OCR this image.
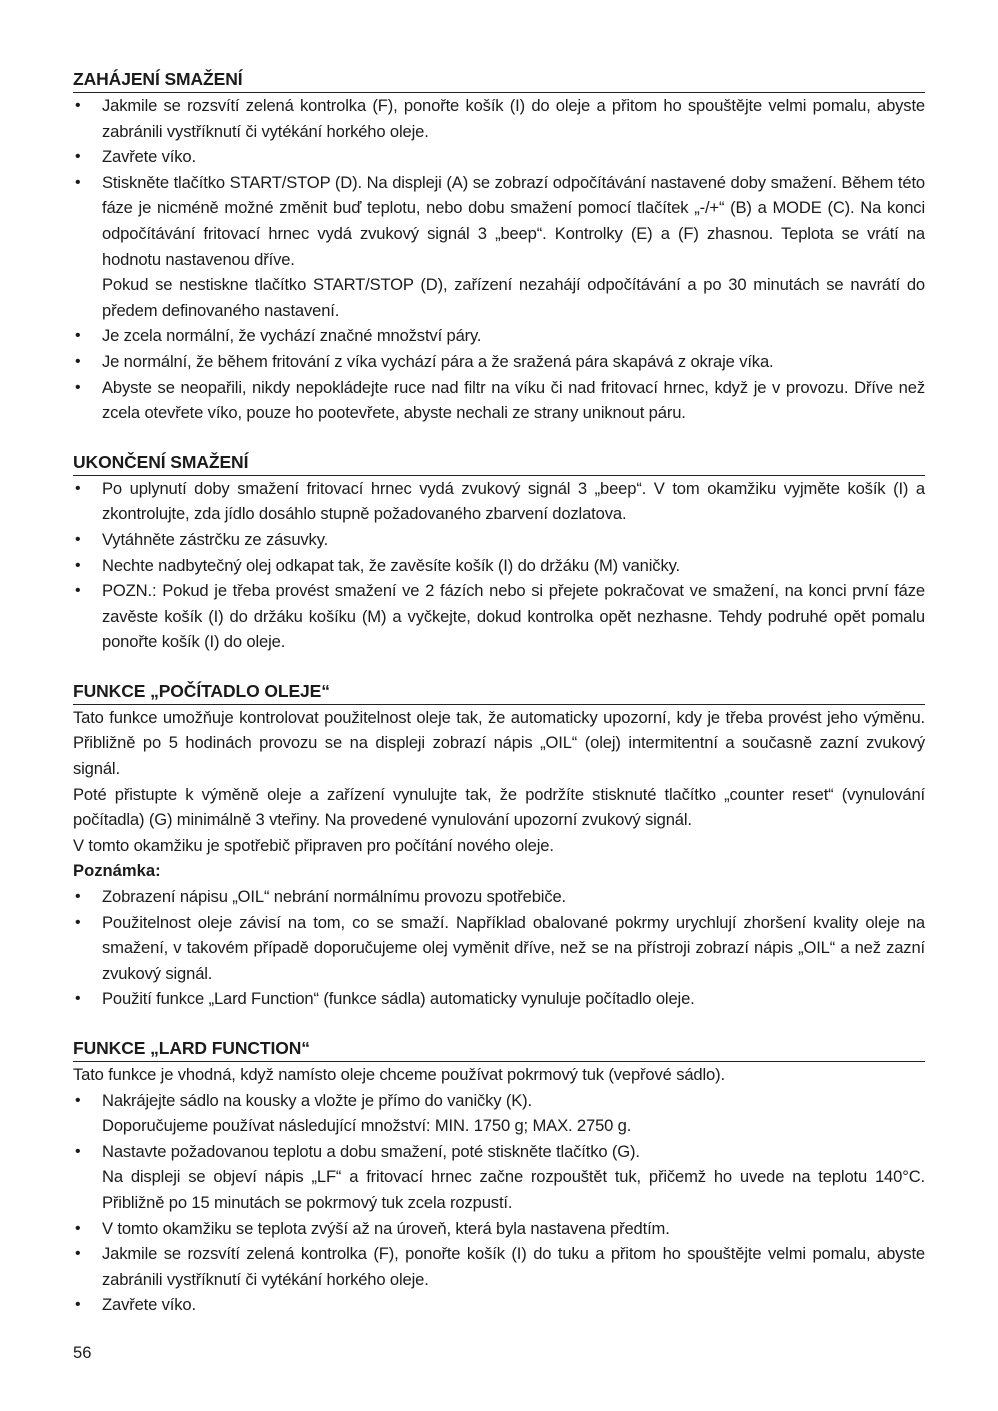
ZAHÁJENÍ SMAŽENÍ
• Jakmile se rozsvítí zelená kontrolka (F), ponořte košík (I) do oleje a přitom ho spouštějte velmi pomalu, abyste zabránili vystříknutí či vytékání horkého oleje.

• Zavřete víko.

• Stiskněte tlačítko START/STOP (D). Na displeji (A) se zobrazí odpočítávání nastavené doby smažení. Během této fáze je nicméně možné změnit buď teplotu, nebo dobu smažení pomocí tlačítek „-/+“ (B) a MODE (C). Na konci odpočítávání fritovací hrnec vydá zvukový signál 3 „beep“. Kontrolky (E) a (F) zhasnou. Teplota se vrátí na hodnotu nastavenou dříve.

Pokud se nestiskne tlačítko START/STOP (D), zařízení nezahájí odpočítávání a po 30 minutách se navrátí do předem definovaného nastavení.

• Je zcela normální, že vychází značné množství páry.

• Je normální, že během fritování z víka vychází pára a že sražená pára skapává z okraje víka.

• Abyste se neopařili, nikdy nepokládejte ruce nad filtr na víku či nad fritovací hrnec, když je v provozu. Dříve než zcela otevřete víko, pouze ho pootevřete, abyste nechali ze strany uniknout páru.

UKONČENÍ SMAŽENÍ
• Po uplynutí doby smažení fritovací hrnec vydá zvukový signál 3 „beep“. V tom okamžiku vyjměte košík (I) a zkontrolujte, zda jídlo dosáhlo stupně požadovaného zbarvení dozlatova.

• Vytáhněte zástrčku ze zásuvky.

• Nechte nadbytečný olej odkapat tak, že zavěsíte košík (I) do držáku (M) vaničky.

• POZN.: Pokud je třeba provést smažení ve 2 fázích nebo si přejete pokračovat ve smažení, na konci první fáze zavěste košík (I) do držáku košíku (M) a vyčkejte, dokud kontrolka opět nezhasne. Tehdy podruhé opět pomalu ponořte košík (I) do oleje.

FUNKCE „POČÍTADLO OLEJE“

Tato funkce umožňuje kontrolovat použitelnost oleje tak, že automaticky upozorní, kdy je třeba provést jeho výměnu. Přibližně po 5 hodinách provozu se na displeji zobrazí nápis „OIL“ (olej) intermitentní a současně zazní zvukový signál.

Poté přistupte k výměně oleje a zařízení vynulujte tak, že podržíte stisknuté tlačítko „counter reset“ (vynulování počítadla) (G) minimálně 3 vteřiny. Na provedené vynulování upozorní zvukový signál.

V tomto okamžiku je spotřebič připraven pro počítání nového oleje.

Poznámka:

• Zobrazení nápisu „OIL“ nebrání normálnímu provozu spotřebiče.

• Použitelnost oleje závisí na tom, co se smaží. Například obalované pokrmy urychlují zhoršení kvality oleje na smažení, v takovém případě doporučujeme olej vyměnit dříve, než se na přístroji zobrazí nápis „OIL“ a než zazní zvukový signál.

• Použití funkce „Lard Function“ (funkce sádla) automaticky vynuluje počítadlo oleje.

FUNKCE „LARD FUNCTION“

Tato funkce je vhodná, když namísto oleje chceme používat pokrmový tuk (vepřové sádlo).

• Nakrájejte sádlo na kousky a vložte je přímo do vaničky (K).

Doporučujeme používat následující množství: MIN. 1750 g; MAX. 2750 g.

• Nastavte požadovanou teplotu a dobu smažení, poté stiskněte tlačítko (G).

Na displeji se objeví nápis „LF“ a fritovací hrnec začne rozpouštět tuk, přičemž ho uvede na teplotu 140°C. Přibližně po 15 minutách se pokrmový tuk zcela rozpustí.

• V tomto okamžiku se teplota zvýší až na úroveň, která byla nastavena předtím.

• Jakmile se rozsvítí zelená kontrolka (F), ponořte košík (I) do tuku a přitom ho spouštějte velmi pomalu, abyste zabránili vystříknutí či vytékání horkého oleje.

• Zavřete víko.

56
